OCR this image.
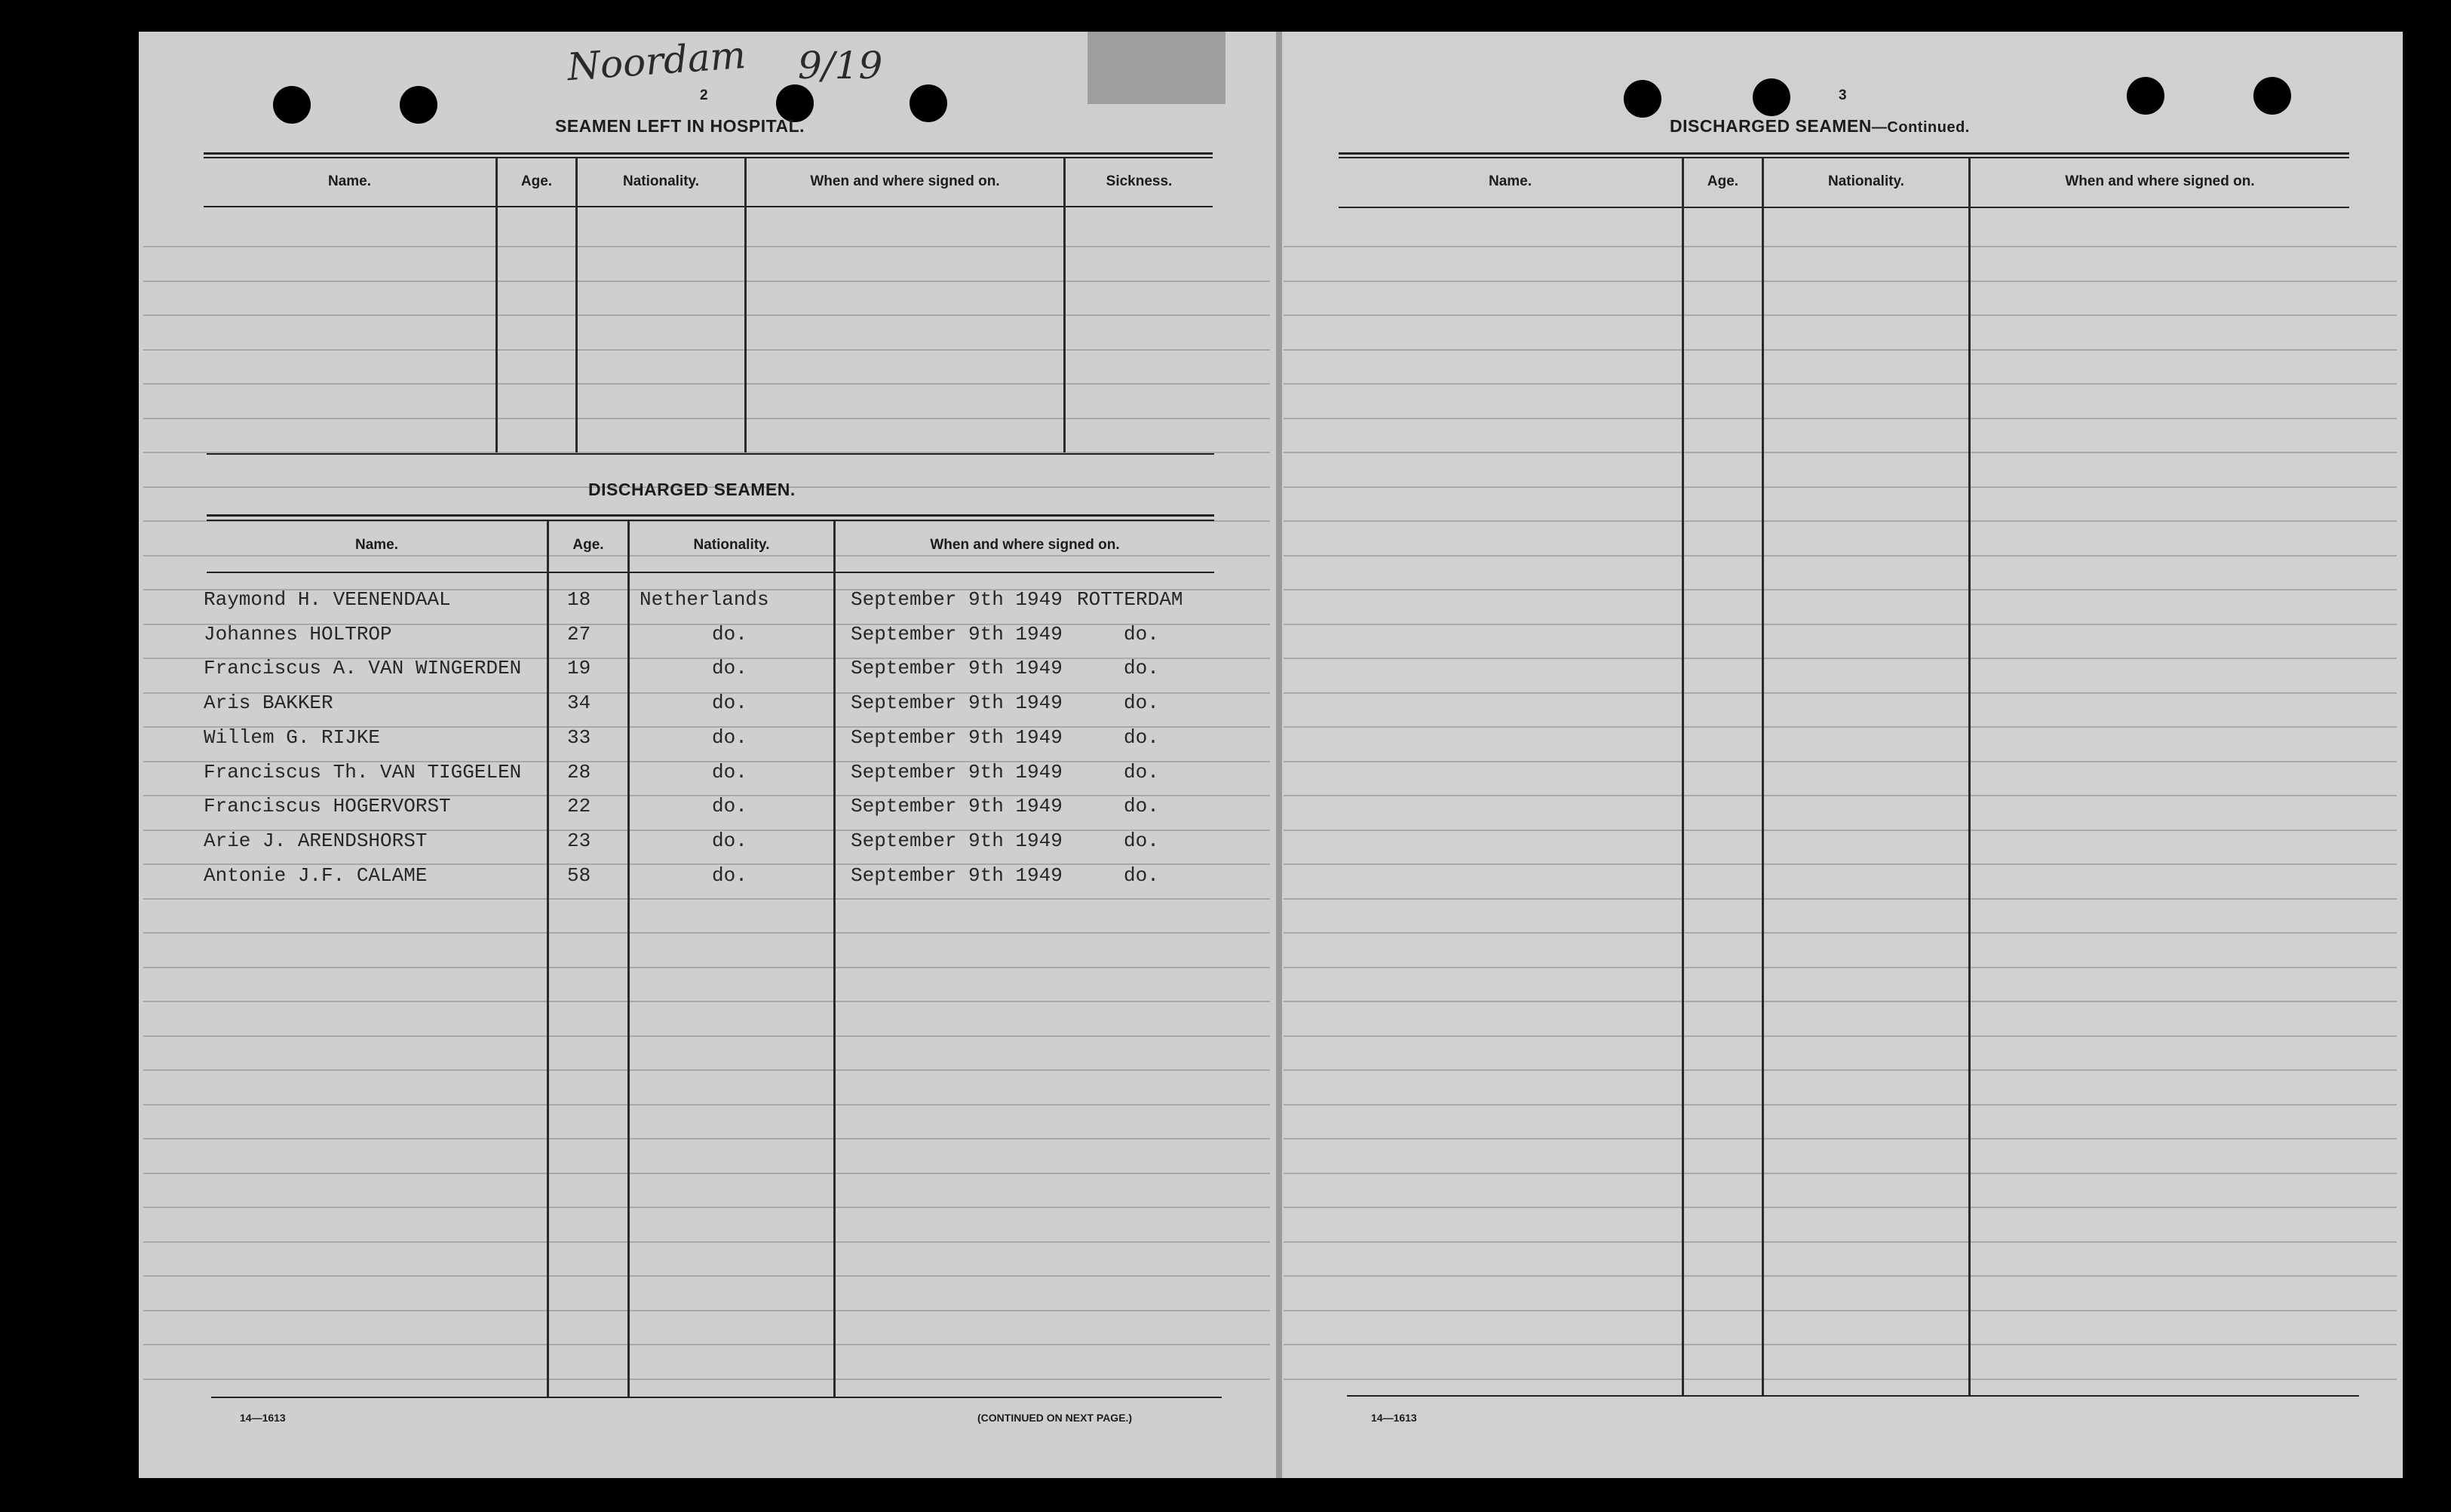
Noordam 9/19
2
SEAMEN LEFT IN HOSPITAL.
Name.	Age.	Nationality.	When and where signed on.	Sickness.
DISCHARGED SEAMEN.
Name.	Age.	Nationality.	When and where signed on.
Raymond H. VEENENDAAL	18 Netherlands	September 9th 1949 ROTTERDAM
Johannes HOLTROP	27	do.	September 9th 1949	do.
Franciscus A. VAN WINGERDEN 19	do.	September 9th 1949	do.
Aris BAKKER	34	do.	September 9th 1949	do.
Willem G. RIJKE	33	do.	September 9th 1949	do.
Franciscus Th. VAN TIGGELEN 28	do.	September 9th 1949	do.
Franciscus HOGERVORST	22	do.	September 9th 1949	do.
Arie J. ARENDSHORST	23	do.	September 9th 1949	do.
Antonie J.F. CALAME	58	do.	September 9th 1949	do.
14—1613	(CONTINUED ON NEXT PAGE.)
3
DISCHARGED SEAMEN—Continued.
Name.	Age.	Nationality.	When and where signed on.
14—1613
